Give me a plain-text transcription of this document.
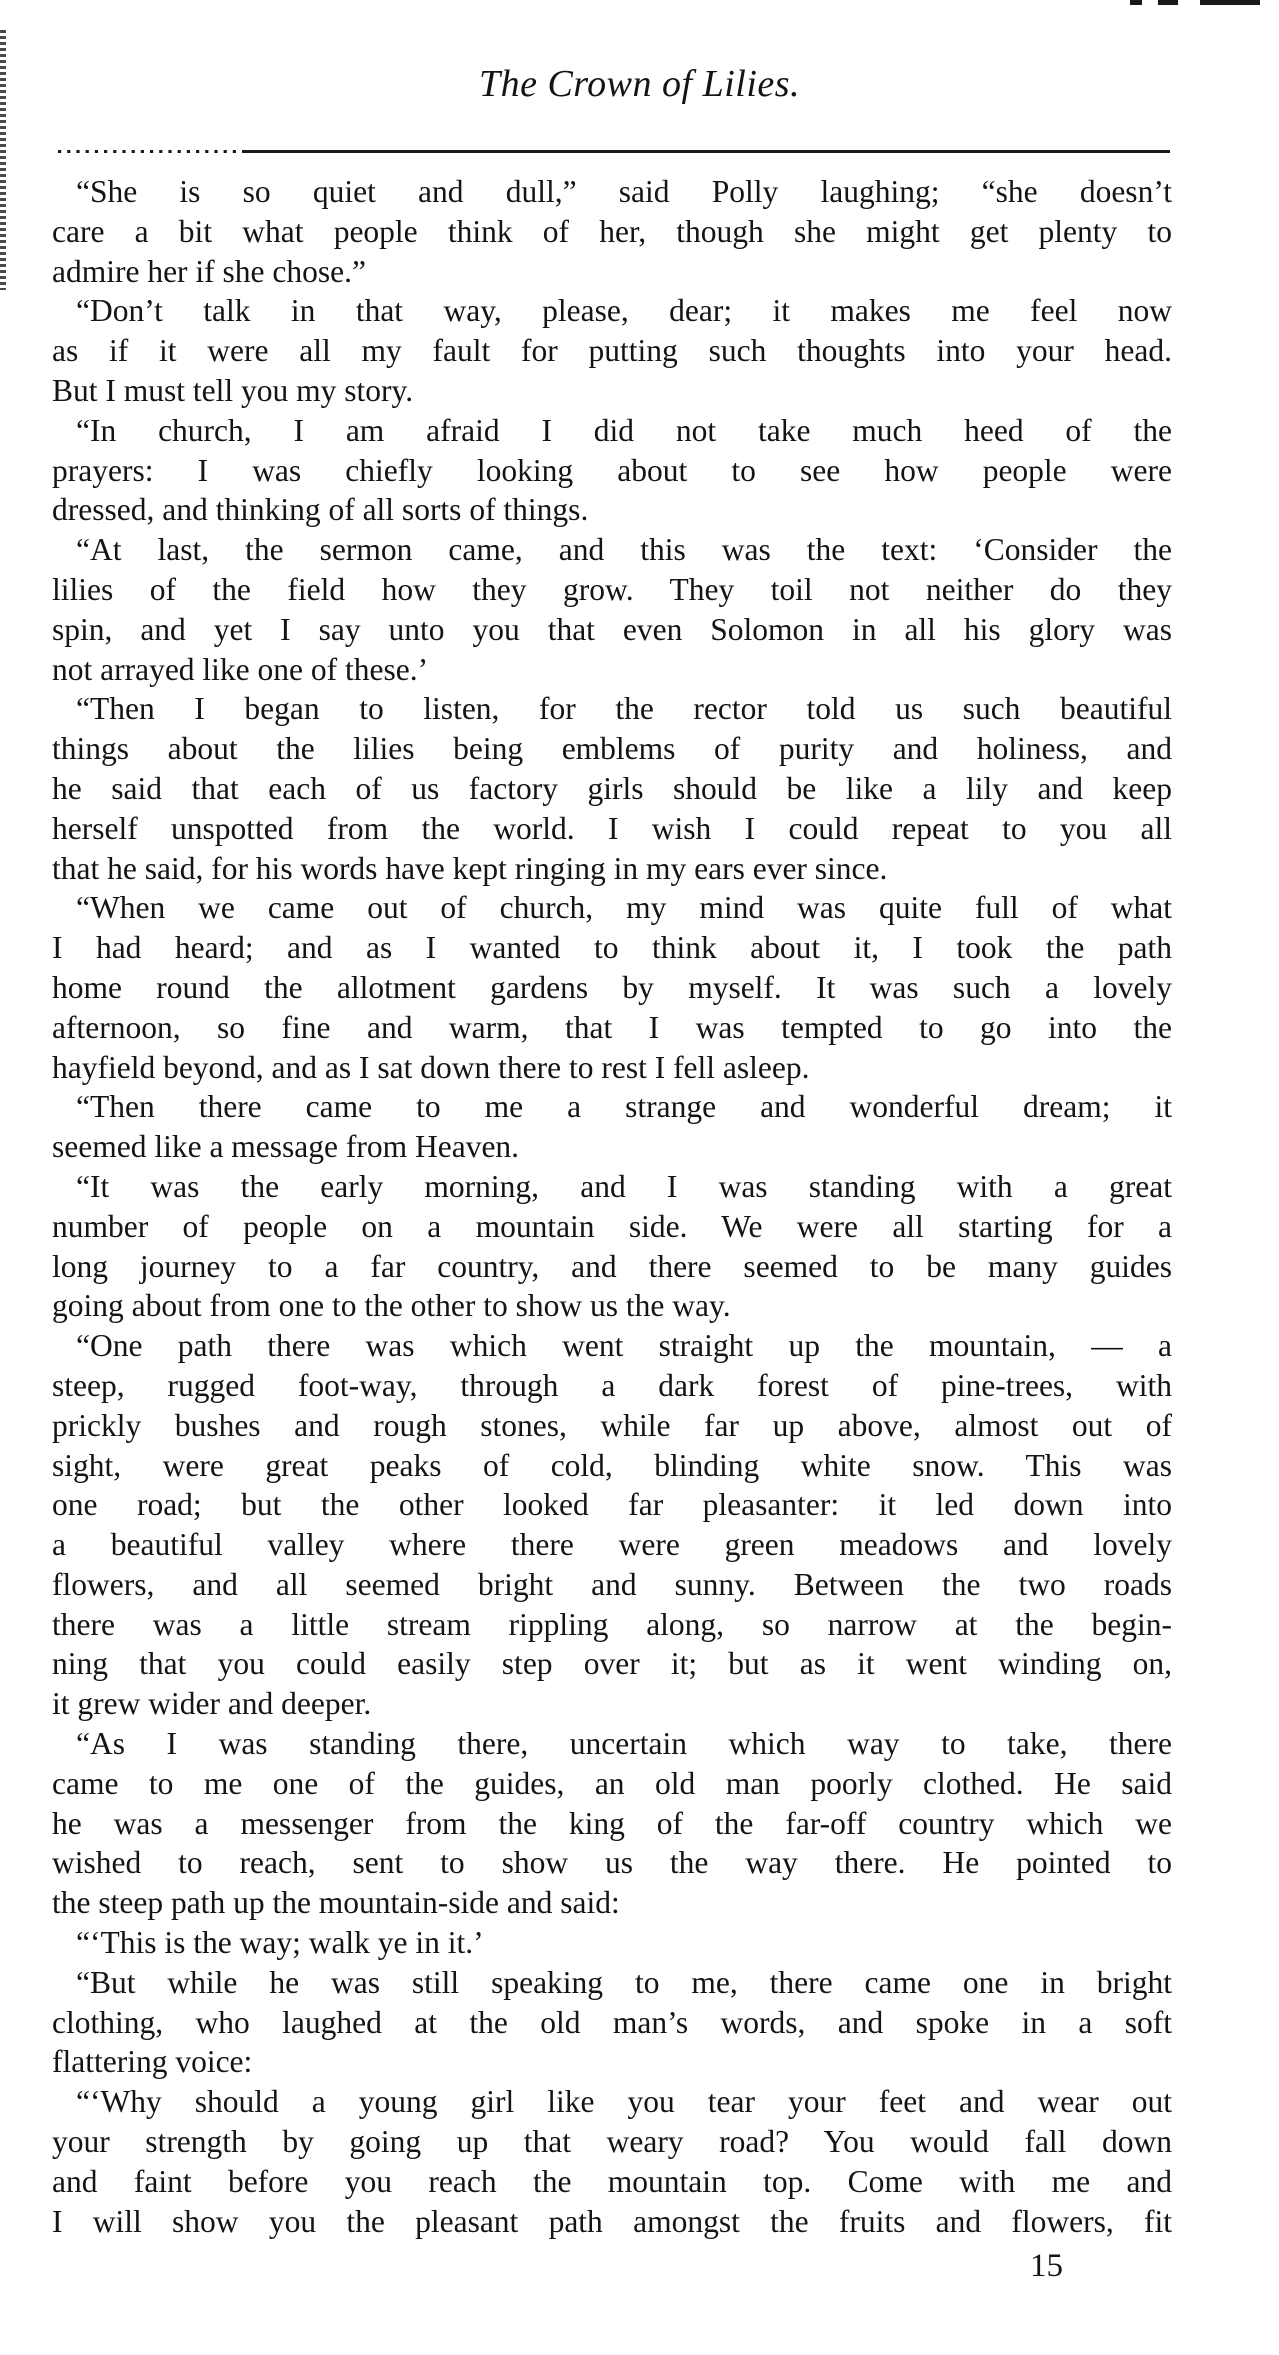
The Crown of Lilies.
“She is so quiet and dull,” said Polly laughing; “she doesn’t
care a bit what people think of her, though she might get plenty to
admire her if she chose.”
“Don’t talk in that way, please, dear; it makes me feel now
as if it were all my fault for putting such thoughts into your head.
But I must tell you my story.
“In church, I am afraid I did not take much heed of the
prayers: I was chiefly looking about to see how people were
dressed, and thinking of all sorts of things.
“At last, the sermon came, and this was the text: ‘Consider the
lilies of the field how they grow. They toil not neither do they
spin, and yet I say unto you that even Solomon in all his glory was
not arrayed like one of these.’
“Then I began to listen, for the rector told us such beautiful
things about the lilies being emblems of purity and holiness, and
he said that each of us factory girls should be like a lily and keep
herself unspotted from the world. I wish I could repeat to you all
that he said, for his words have kept ringing in my ears ever since.
“When we came out of church, my mind was quite full of what
I had heard; and as I wanted to think about it, I took the path
home round the allotment gardens by myself. It was such a lovely
afternoon, so fine and warm, that I was tempted to go into the
hayfield beyond, and as I sat down there to rest I fell asleep.
“Then there came to me a strange and wonderful dream; it
seemed like a message from Heaven.
“It was the early morning, and I was standing with a great
number of people on a mountain side. We were all starting for a
long journey to a far country, and there seemed to be many guides
going about from one to the other to show us the way.
“One path there was which went straight up the mountain, — a
steep, rugged foot-way, through a dark forest of pine-trees, with
prickly bushes and rough stones, while far up above, almost out of
sight, were great peaks of cold, blinding white snow. This was
one road; but the other looked far pleasanter: it led down into
a beautiful valley where there were green meadows and lovely
flowers, and all seemed bright and sunny. Between the two roads
there was a little stream rippling along, so narrow at the begin-
ning that you could easily step over it; but as it went winding on,
it grew wider and deeper.
“As I was standing there, uncertain which way to take, there
came to me one of the guides, an old man poorly clothed. He said
he was a messenger from the king of the far-off country which we
wished to reach, sent to show us the way there. He pointed to
the steep path up the mountain-side and said:
“‘This is the way; walk ye in it.’
“But while he was still speaking to me, there came one in bright
clothing, who laughed at the old man’s words, and spoke in a soft
flattering voice:
“‘Why should a young girl like you tear your feet and wear out
your strength by going up that weary road? You would fall down
and faint before you reach the mountain top. Come with me and
I will show you the pleasant path amongst the fruits and flowers, fit
15
